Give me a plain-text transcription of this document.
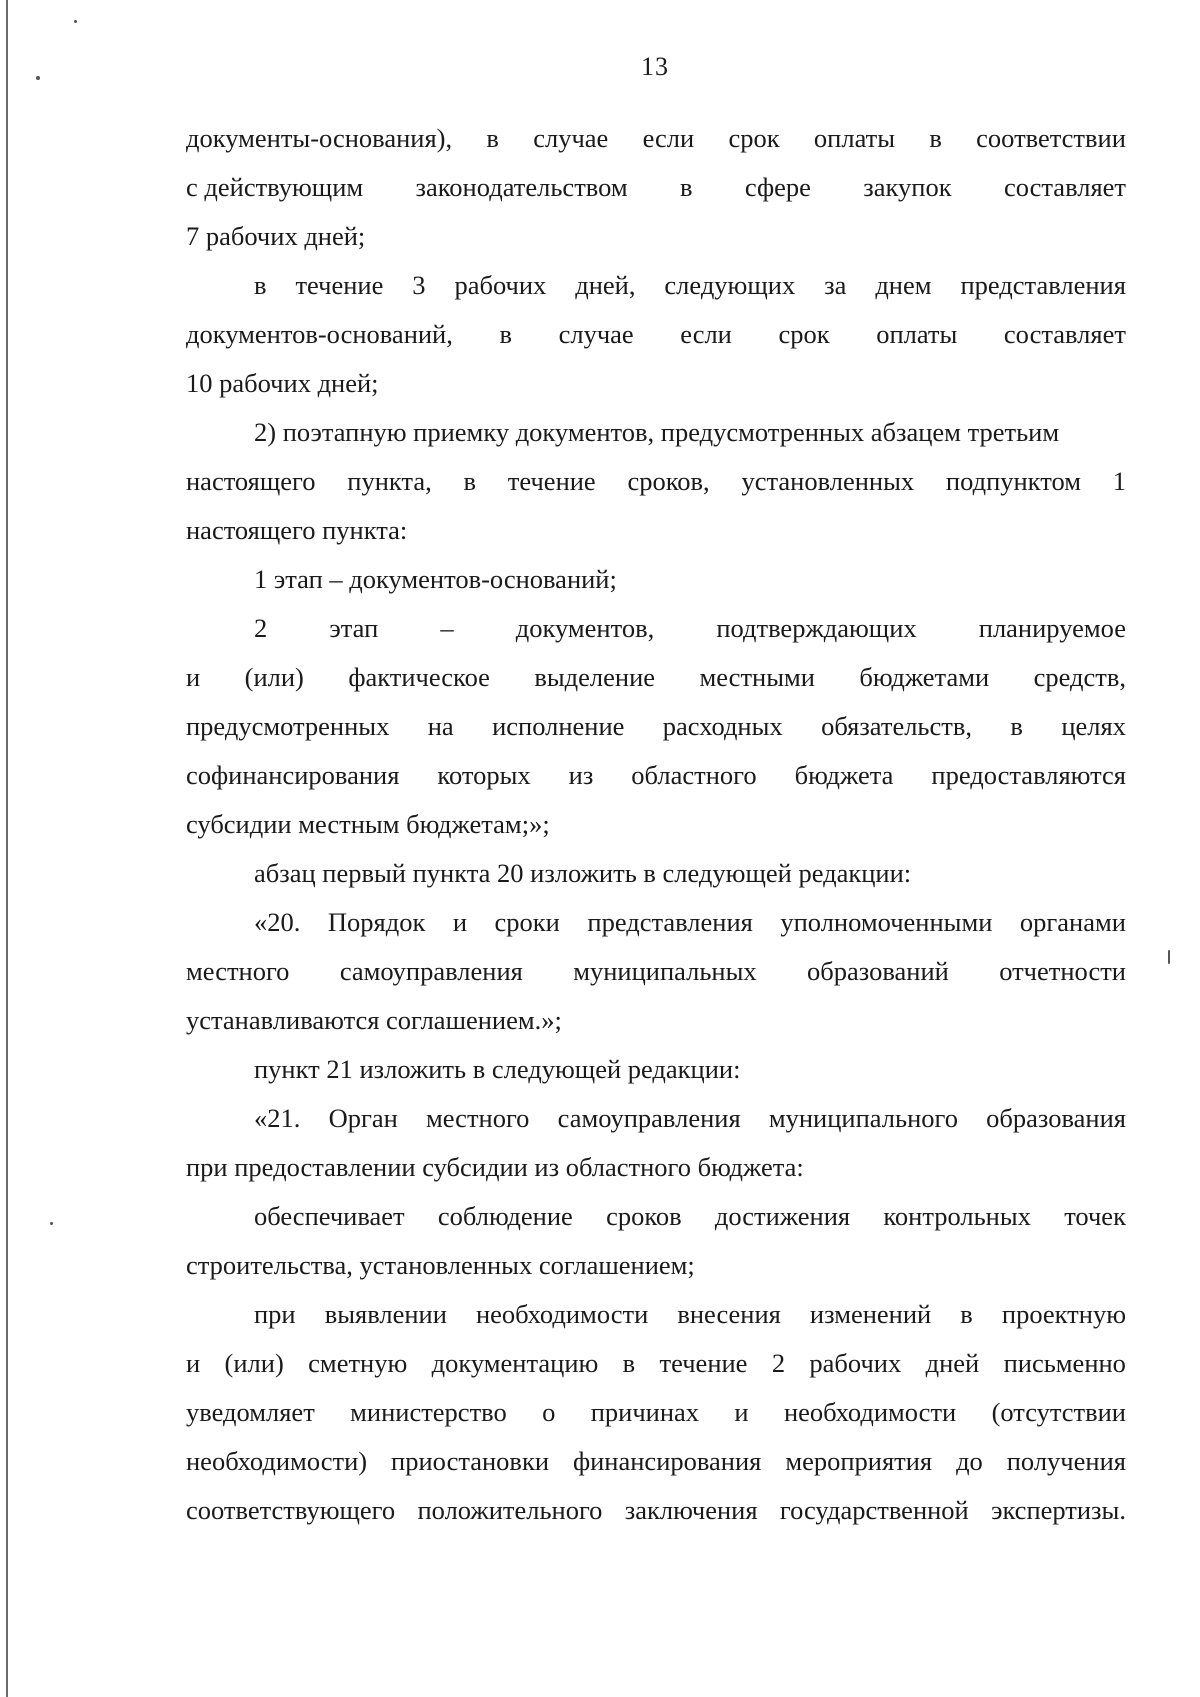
13
документы-основания), в случае если срок оплаты в соответствии
с действующим законодательством в сфере закупок составляет
7 рабочих дней;
в течение 3 рабочих дней, следующих за днем представления
документов-оснований, в случае если срок оплаты составляет
10 рабочих дней;
2) поэтапную приемку документов, предусмотренных абзацем третьим
настоящего пункта, в течение сроков, установленных подпунктом 1
настоящего пункта:
1 этап – документов-оснований;
2 этап – документов, подтверждающих планируемое
и (или) фактическое выделение местными бюджетами средств,
предусмотренных на исполнение расходных обязательств, в целях
софинансирования которых из областного бюджета предоставляются
субсидии местным бюджетам;»;
абзац первый пункта 20 изложить в следующей редакции:
«20. Порядок и сроки представления уполномоченными органами
местного самоуправления муниципальных образований отчетности
устанавливаются соглашением.»;
пункт 21 изложить в следующей редакции:
«21. Орган местного самоуправления муниципального образования
при предоставлении субсидии из областного бюджета:
обеспечивает соблюдение сроков достижения контрольных точек
строительства, установленных соглашением;
при выявлении необходимости внесения изменений в проектную
и (или) сметную документацию в течение 2 рабочих дней письменно
уведомляет министерство о причинах и необходимости (отсутствии
необходимости) приостановки финансирования мероприятия до получения
соответствующего положительного заключения государственной экспертизы.
